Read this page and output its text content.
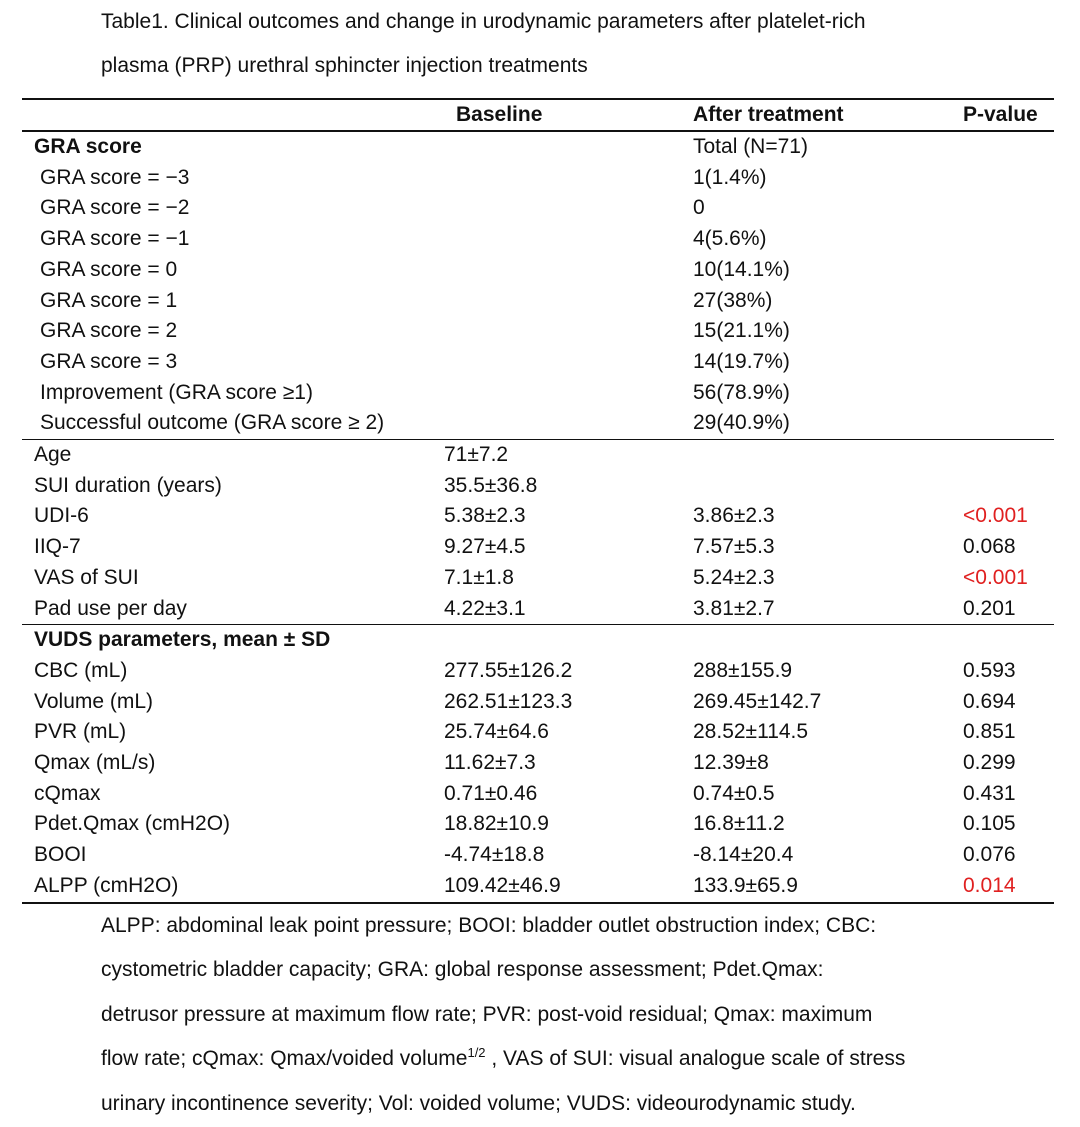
Table1. Clinical outcomes and change in urodynamic parameters after platelet-rich

plasma (PRP) urethral sphincter injection treatments

	Baseline	After treatment	P-value
GRA score		Total (N=71)	
GRA score = −3		1(1.4%)	
GRA score = −2		0	
GRA score = −1		4(5.6%)	
GRA score = 0		10(14.1%)	
GRA score = 1		27(38%)	
GRA score = 2		15(21.1%)	
GRA score = 3		14(19.7%)	
Improvement (GRA score ≥1)		56(78.9%)	
Successful outcome (GRA score ≥ 2)		29(40.9%)	
Age	71±7.2		
SUI duration (years)	35.5±36.8		
UDI-6	5.38±2.3	3.86±2.3	<0.001
IIQ-7	9.27±4.5	7.57±5.3	0.068
VAS of SUI	7.1±1.8	5.24±2.3	<0.001
Pad use per day	4.22±3.1	3.81±2.7	0.201
VUDS parameters, mean ± SD			
CBC (mL)	277.55±126.2	288±155.9	0.593
Volume (mL)	262.51±123.3	269.45±142.7	0.694
PVR (mL)	25.74±64.6	28.52±114.5	0.851
Qmax (mL/s)	11.62±7.3	12.39±8	0.299
cQmax	0.71±0.46	0.74±0.5	0.431
Pdet.Qmax (cmH2O)	18.82±10.9	16.8±11.2	0.105
BOOI	-4.74±18.8	-8.14±20.4	0.076
ALPP (cmH2O)	109.42±46.9	133.9±65.9	0.014

ALPP: abdominal leak point pressure; BOOI: bladder outlet obstruction index; CBC:

cystometric bladder capacity; GRA: global response assessment; Pdet.Qmax:

detrusor pressure at maximum flow rate; PVR: post-void residual; Qmax: maximum

flow rate; cQmax: Qmax/voided volume$^{1/2}$ , VAS of SUI: visual analogue scale of stress

urinary incontinence severity; Vol: voided volume; VUDS: videourodynamic study.
